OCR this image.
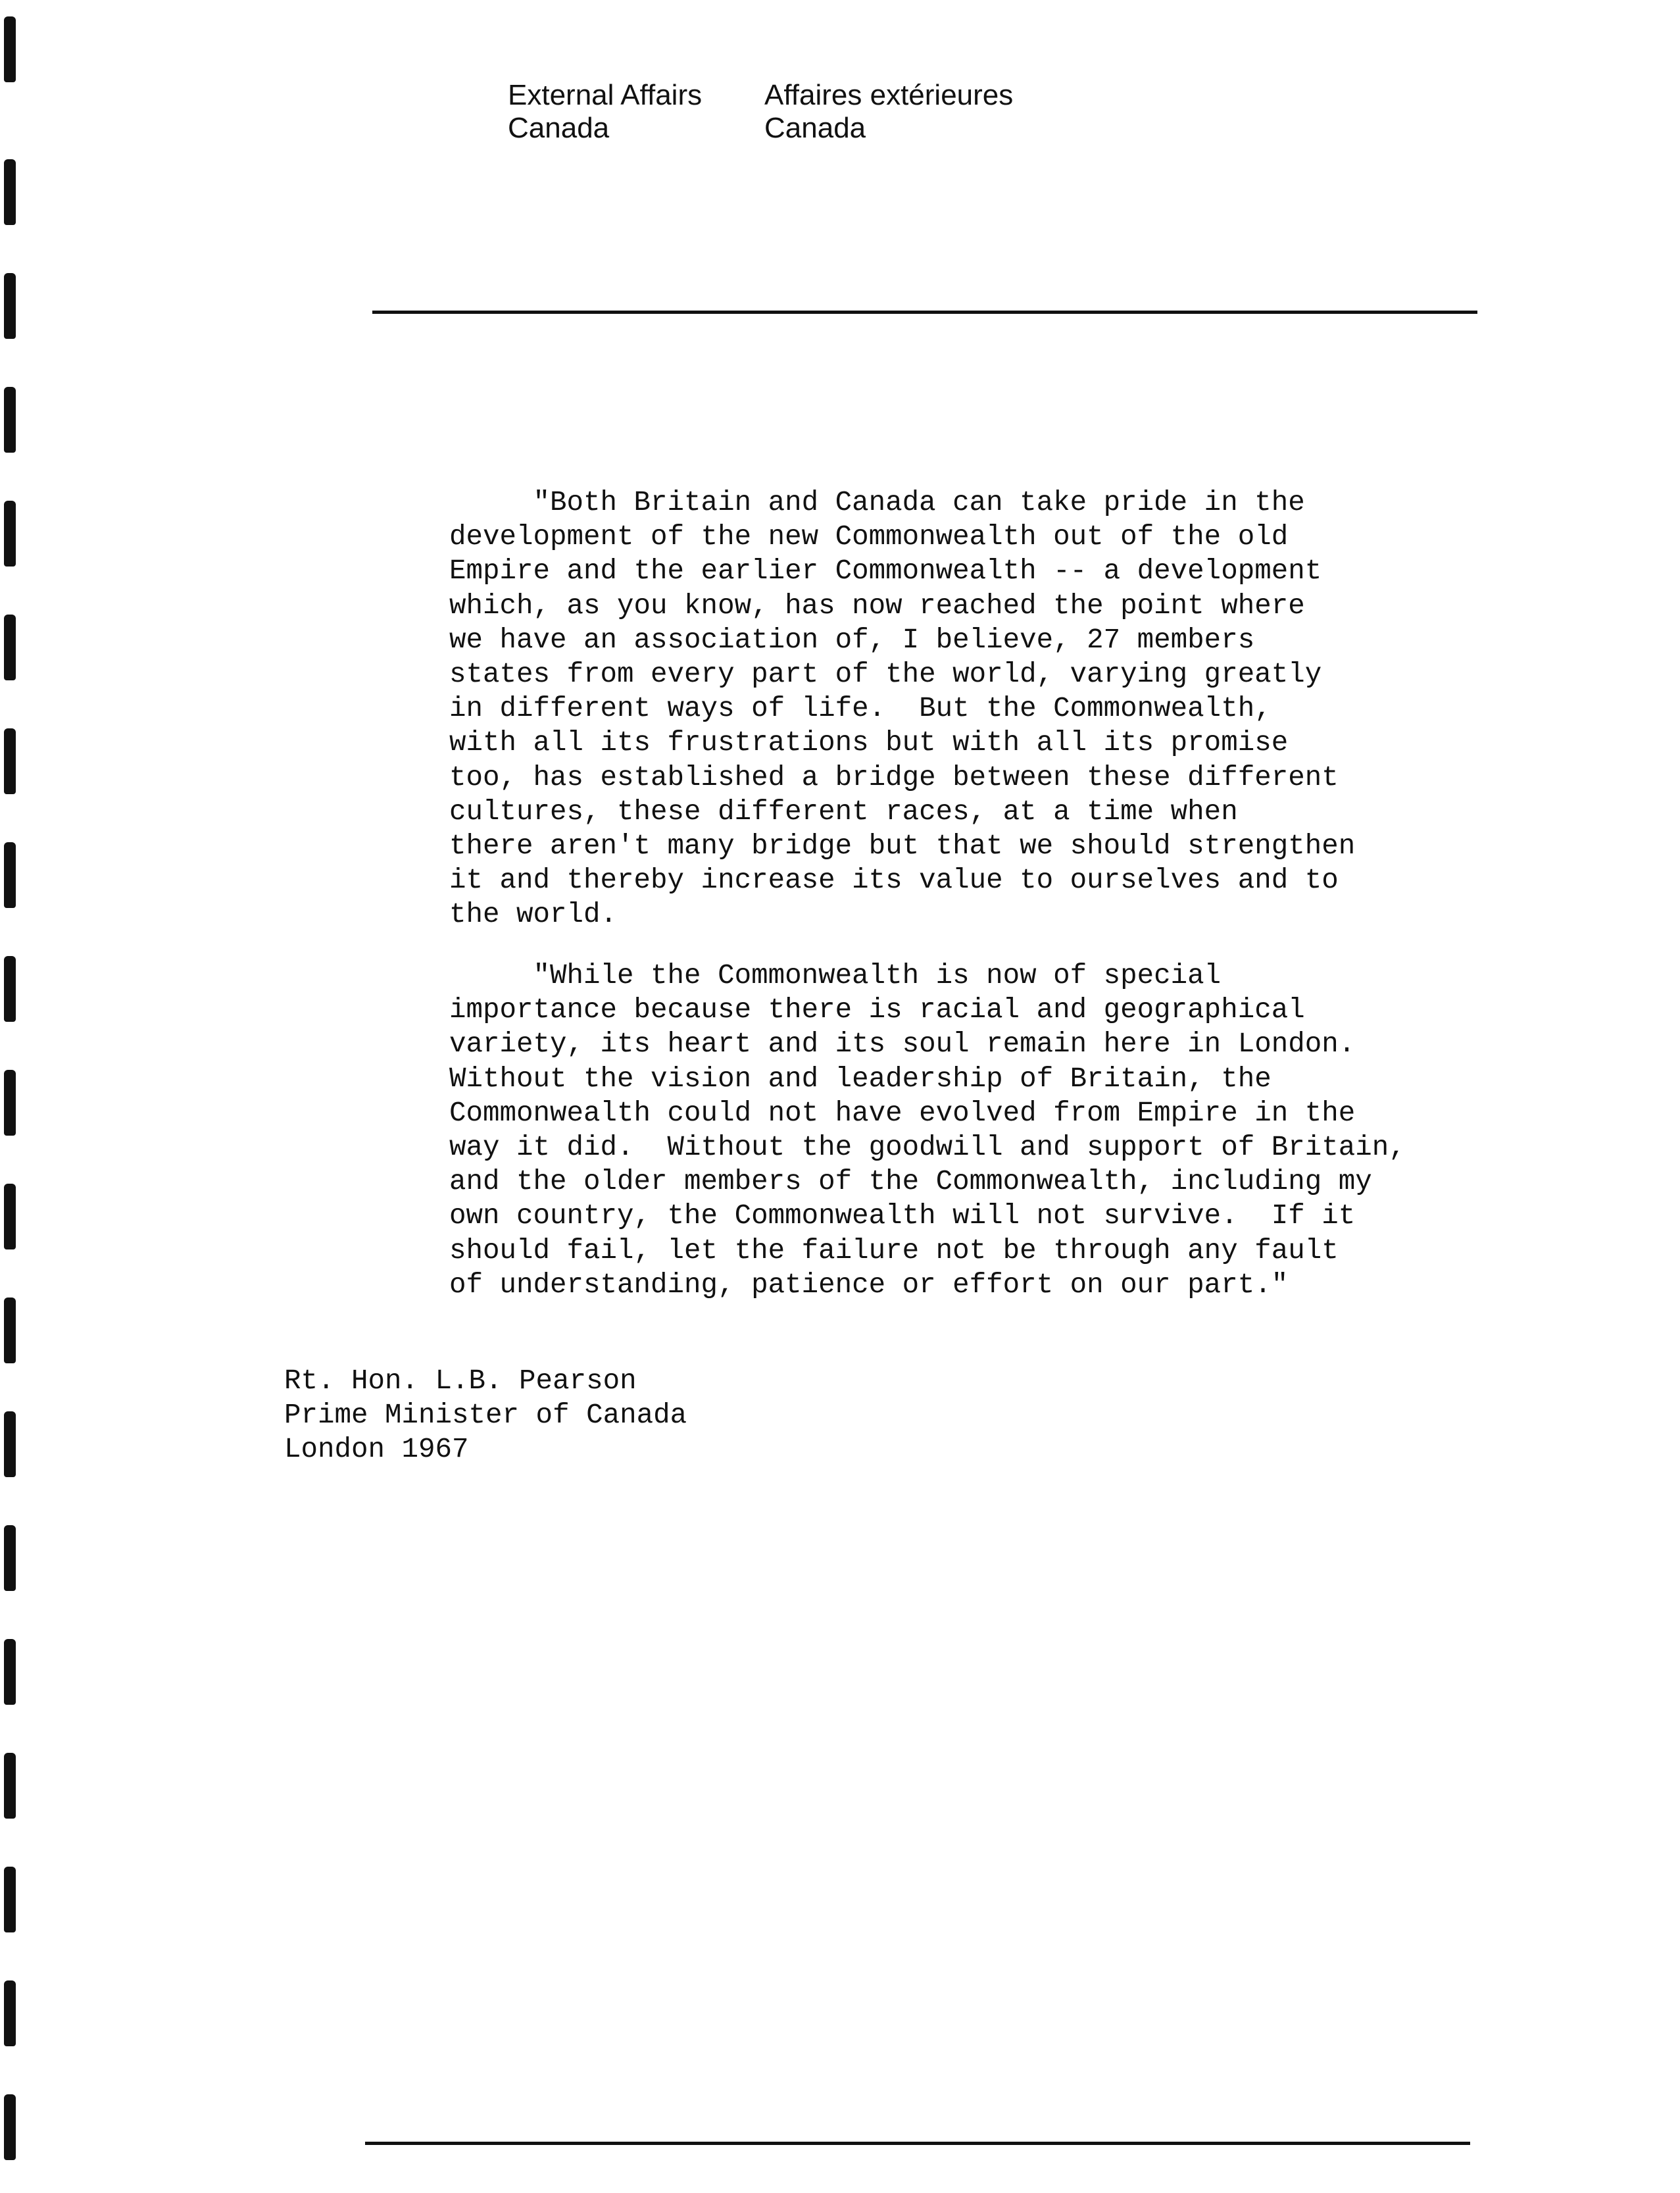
External Affairs
Canada
Affaires extérieures
Canada

"Both Britain and Canada can take pride in the
development of the new Commonwealth out of the old
Empire and the earlier Commonwealth -- a development
which, as you know, has now reached the point where
we have an association of, I believe, 27 members
states from every part of the world, varying greatly
in different ways of life.  But the Commonwealth,
with all its frustrations but with all its promise
too, has established a bridge between these different
cultures, these different races, at a time when
there aren't many bridge but that we should strengthen
it and thereby increase its value to ourselves and to
the world.

"While the Commonwealth is now of special
importance because there is racial and geographical
variety, its heart and its soul remain here in London.
Without the vision and leadership of Britain, the
Commonwealth could not have evolved from Empire in the
way it did.  Without the goodwill and support of Britain,
and the older members of the Commonwealth, including my
own country, the Commonwealth will not survive.  If it
should fail, let the failure not be through any fault
of understanding, patience or effort on our part."

Rt. Hon. L.B. Pearson
Prime Minister of Canada
London 1967
